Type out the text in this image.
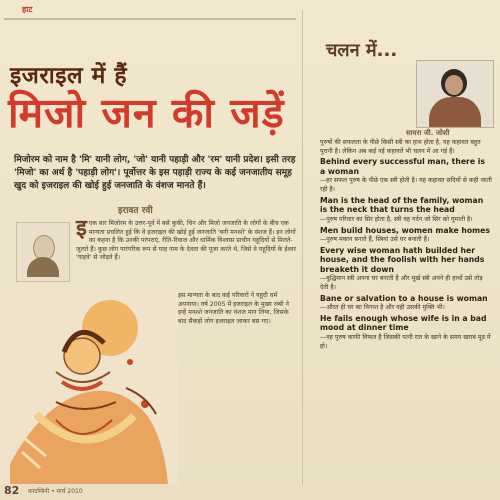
हाट
इजराइल में हैं
मिजो जन की जड़ें
मिजोरम को नाम है 'मि' यानी लोग, 'जो' यानी पहाड़ी और 'रम' यानी प्रदेश। इसी तरह 'मिजो' का अर्थ है 'पहाड़ी लोग'। पूर्वोत्तर के इस पहाड़ी राज्य के कई जनजातीय समूह खुद को इजराइल की खोई हुई जनजाति के वंशज मानते हैं।
इरावत रवी
इएक बार मिजोरम के उत्तर-पूर्व में बसे कुकी, चिन और मिजो जनजाति के लोगों के बीच एक मान्यता प्रचलित हुई कि वे इजराइल की खोई हुई जनजाति 'बनी मनश्शे' के वंशज हैं। इन लोगों का कहना है कि उनकी परंपराएं, रीति-रिवाज और धार्मिक विश्वास प्राचीन यहूदियों से मिलते-जुलते हैं। कुछ लोग पारंपरिक रूप से याह नाम के देवता की पूजा करते थे, जिसे वे यहूदियों के ईश्वर 'याहवे' से जोड़ते हैं।
इस मान्यता के बाद कई परिवारों ने यहूदी धर्म अपनाया। वर्ष 2005 में इजराइल के मुख्य रब्बी ने इन्हें मनश्शे जनजाति का वंशज मान लिया, जिसके बाद सैकड़ों लोग इजराइल जाकर बस गए।
82 कादम्बिनी • मार्च 2010
चलन में...
सायरा जी. जोशी
पुरुषों की सफलता के पीछे किसी स्त्री का हाथ होता है, यह कहावत बहुत पुरानी है। लेकिन अब कई नई कहावतें भी चलन में आ गई हैं।
Behind every successful man, there is a woman
—हर सफल पुरुष के पीछे एक स्त्री होती है। यह कहावत सदियों से कही जाती रही है।
Man is the head of the family, woman is the neck that turns the head
—पुरुष परिवार का सिर होता है, स्त्री वह गर्दन जो सिर को घुमाती है।
Men build houses, women make homes
—पुरुष मकान बनाते हैं, स्त्रियां उसे घर बनाती हैं।
Every wise woman hath builded her house, and the foolish with her hands breaketh it down
—बुद्धिमान स्त्री अपना घर बनाती है और मूर्ख स्त्री अपने ही हाथों उसे तोड़ देती है।
Bane or salvation to a house is woman
—औरत ही घर का विनाश है और वही उसकी मुक्ति भी।
He fails enough whose wife is in a bad mood at dinner time
—वह पुरुष काफी विफल है जिसकी पत्नी रात के खाने के समय खराब मूड में हो।
